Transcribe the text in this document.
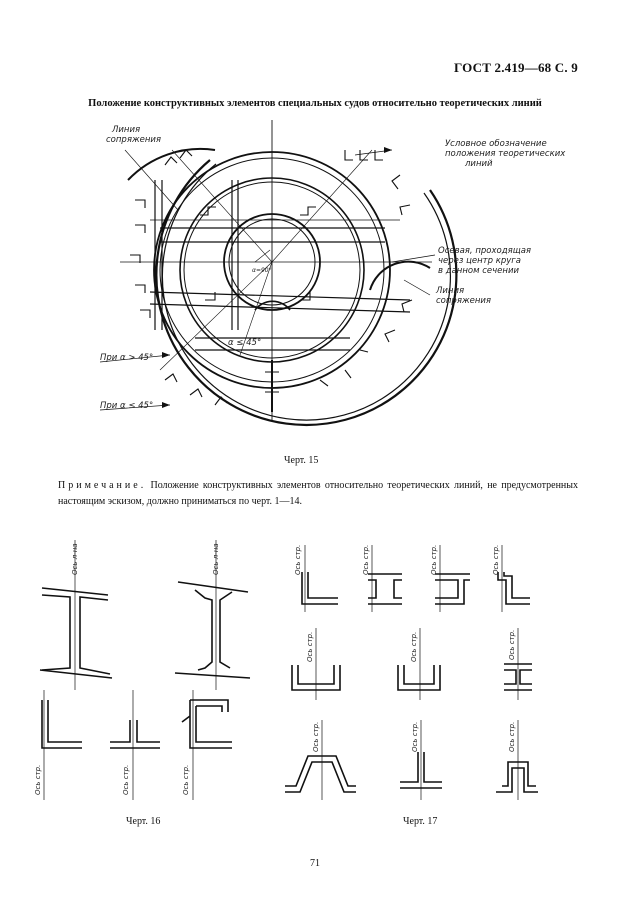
ГОСТ 2.419—68 С. 9
Положение конструктивных элементов специальных судов относительно теоретических линий
Линия
сопряжения	Условное обозначение
положения теоретических
линий
Осевая, проходящая
через центр круга
в данном сечении
Линия
сопряжения
При α > 45°
При α ≤ 45°
α ≤ 45°
α=90°
Черт. 15
Примечание. Положение конструктивных элементов относительно теоретических линий, не предусмотренных настоящим эскизом, должно приниматься по черт. 1—14.
Ось л-на	Ось л-на
Ось стр.	Ось стр.	Ось стр.
Черт. 16
Ось стр.	Ось стр.	Ось стр.	Ось стр.
Ось стр.	Ось стр.	Ось стр.
Ось стр.	Ось стр.	Ось стр.
Черт. 17
71
